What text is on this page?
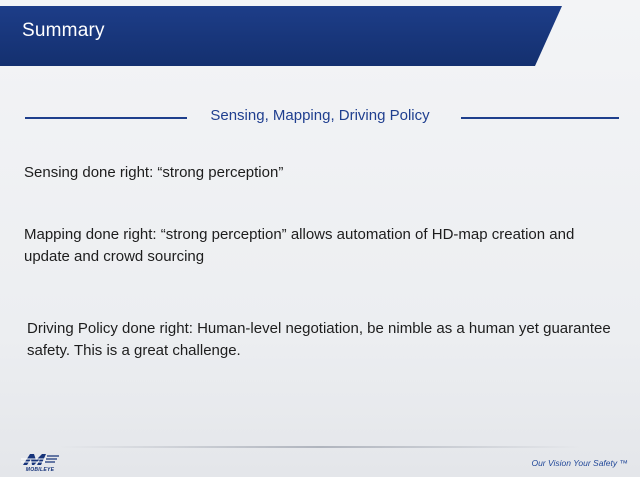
Summary
Sensing, Mapping, Driving Policy
Sensing done right: “strong perception”
Mapping done right: “strong perception” allows automation of HD-map creation and update and crowd sourcing
Driving Policy done right: Human-level negotiation, be nimble as a human yet guarantee safety. This is a great challenge.
MOBILEYE
Our Vision Your Safety ™
